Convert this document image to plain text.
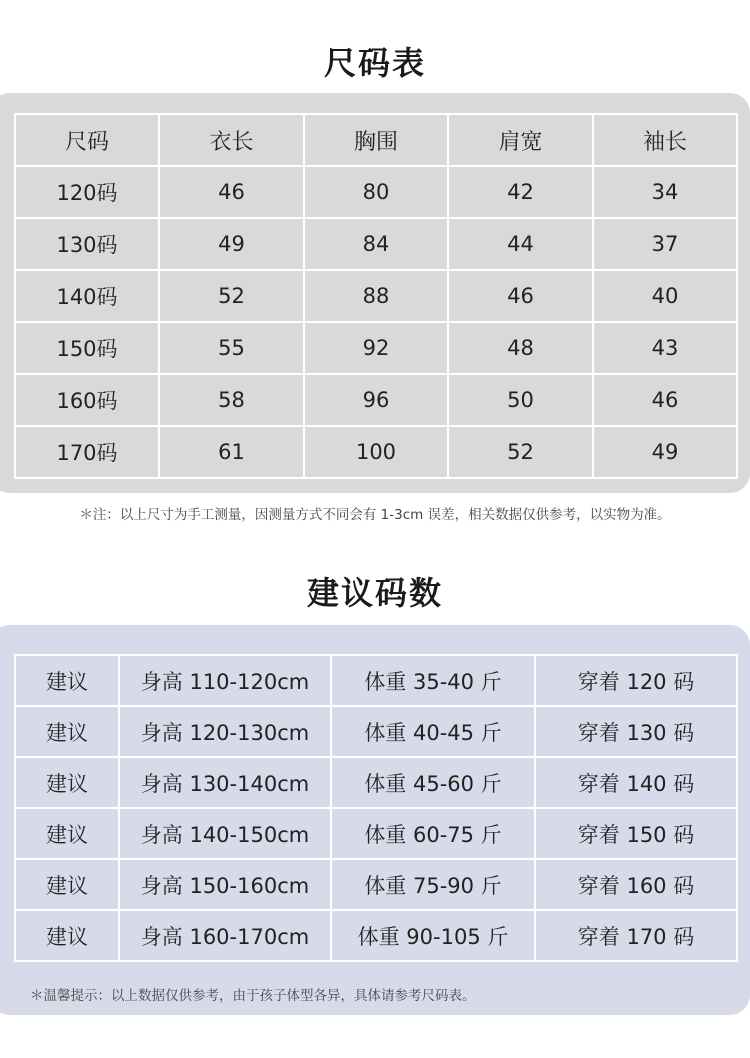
尺码表
尺码	衣长	胸围	肩宽	袖长
120码	46	80	42	34
130码	49	84	44	37
140码	52	88	46	40
150码	55	92	48	43
160码	58	96	50	46
170码	61	100	52	49
＊注：以上尺寸为手工测量，因测量方式不同会有 1-3cm 误差，相关数据仅供参考，以实物为准。
建议码数
建议	身高 110-120cm	体重 35-40 斤	穿着 120 码
建议	身高 120-130cm	体重 40-45 斤	穿着 130 码
建议	身高 130-140cm	体重 45-60 斤	穿着 140 码
建议	身高 140-150cm	体重 60-75 斤	穿着 150 码
建议	身高 150-160cm	体重 75-90 斤	穿着 160 码
建议	身高 160-170cm	体重 90-105 斤	穿着 170 码
＊温馨提示：以上数据仅供参考，由于孩子体型各异，具体请参考尺码表。
